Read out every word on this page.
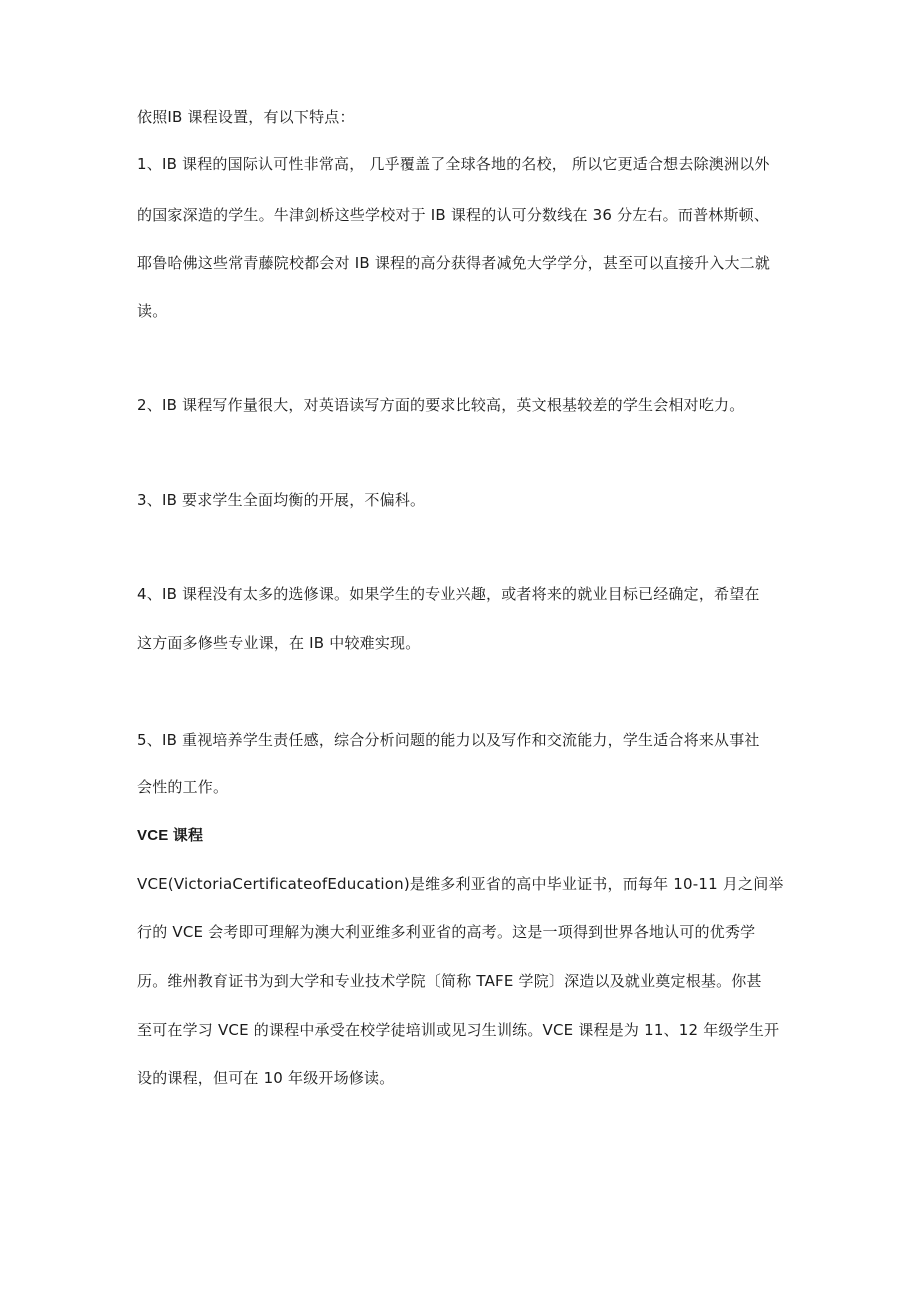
依照IB 课程设置，有以下特点：

1、IB 课程的国际认可性非常高， 几乎覆盖了全球各地的名校， 所以它更适合想去除澳洲以外

的国家深造的学生。牛津剑桥这些学校对于 IB 课程的认可分数线在 36 分左右。而普林斯顿、

耶鲁哈佛这些常青藤院校都会对 IB 课程的高分获得者减免大学学分，甚至可以直接升入大二就

读。

2、IB 课程写作量很大，对英语读写方面的要求比较高，英文根基较差的学生会相对吃力。

3、IB 要求学生全面均衡的开展，不偏科。

4、IB 课程没有太多的选修课。如果学生的专业兴趣，或者将来的就业目标已经确定，希望在

这方面多修些专业课，在 IB 中较难实现。

5、IB 重视培养学生责任感，综合分析问题的能力以及写作和交流能力，学生适合将来从事社

会性的工作。

VCE 课程

VCE(VictoriaCertificateofEducation)是维多利亚省的高中毕业证书，而每年 10-11 月之间举

行的 VCE 会考即可理解为澳大利亚维多利亚省的高考。这是一项得到世界各地认可的优秀学

历。维州教育证书为到大学和专业技术学院〔简称 TAFE 学院〕深造以及就业奠定根基。你甚

至可在学习 VCE 的课程中承受在校学徒培训或见习生训练。VCE 课程是为 11、12 年级学生开

设的课程，但可在 10 年级开场修读。
